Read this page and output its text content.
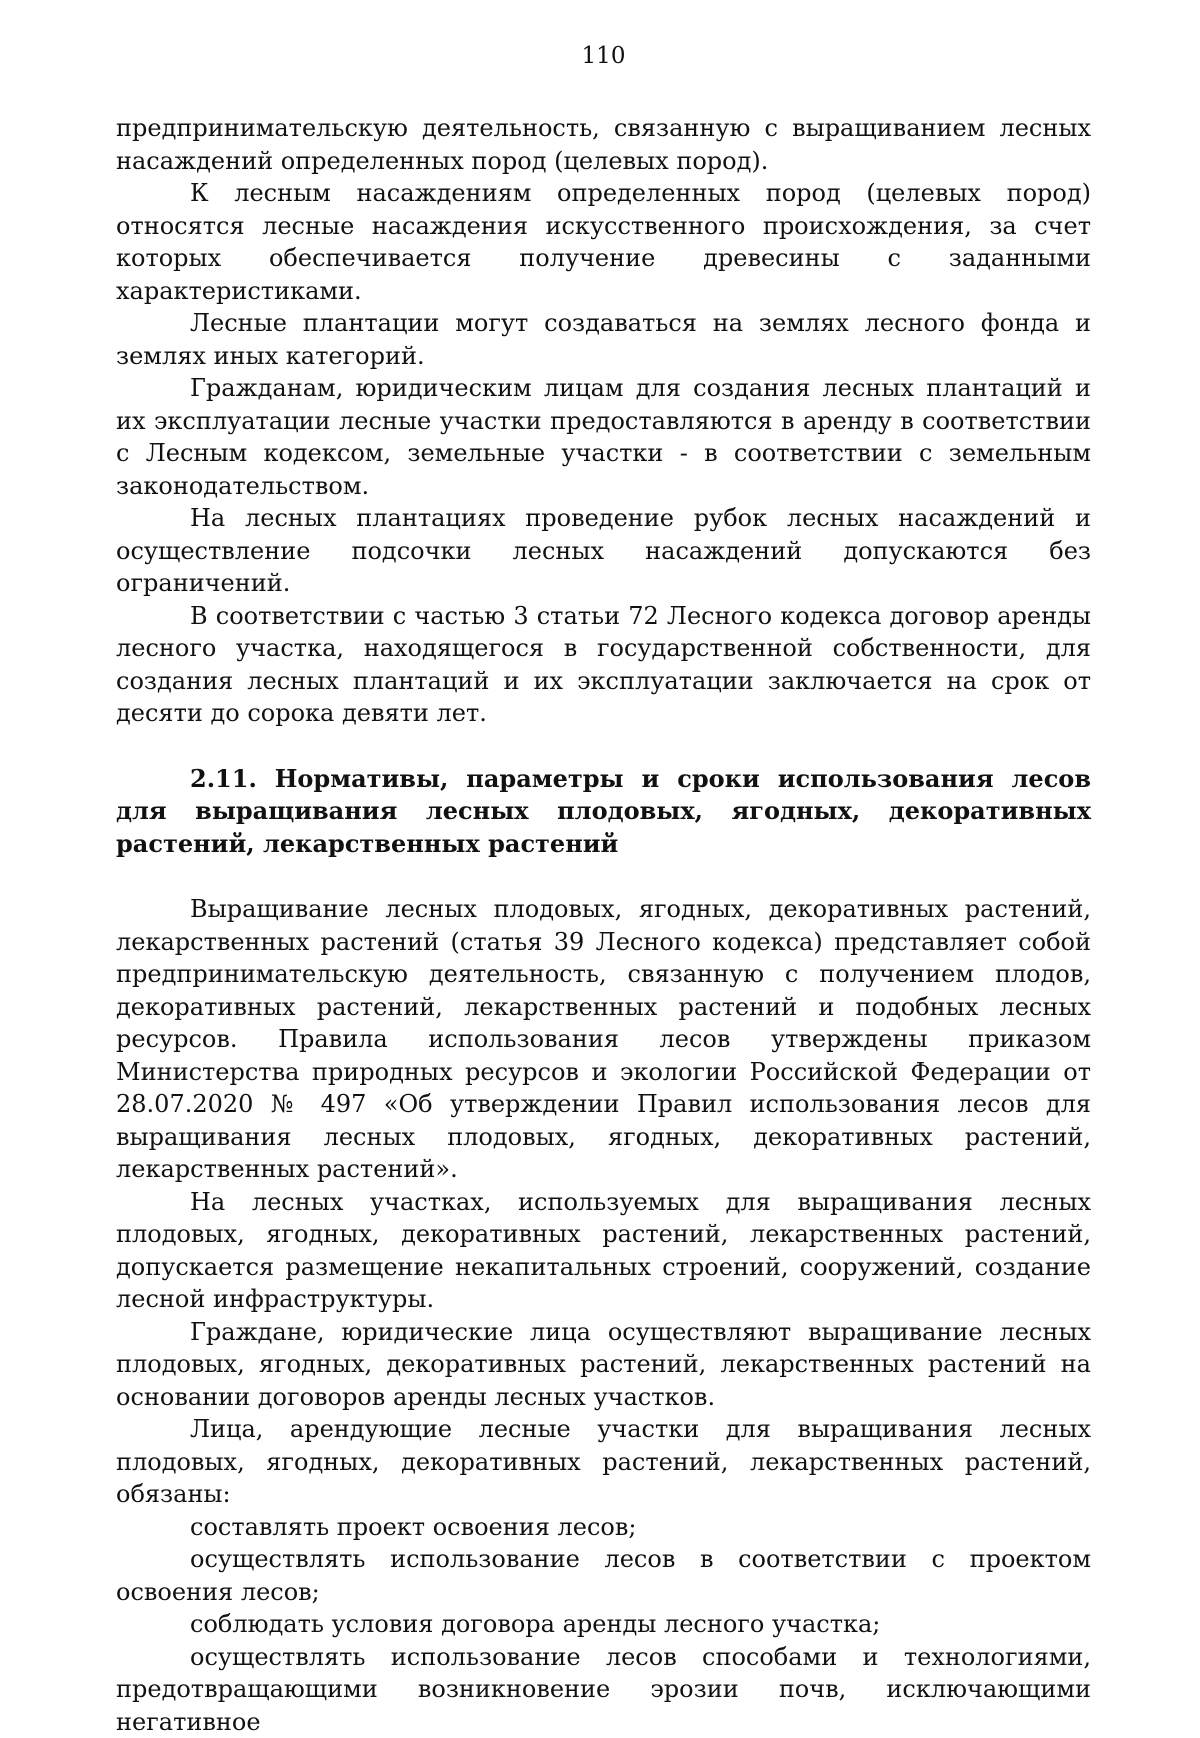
110

предпринимательскую деятельность, связанную с выращиванием лесных насаждений определенных пород (целевых пород).

К лесным насаждениям определенных пород (целевых пород) относятся лесные насаждения искусственного происхождения, за счет которых обеспечивается получение древесины с заданными характеристиками.

Лесные плантации могут создаваться на землях лесного фонда и землях иных категорий.

Гражданам, юридическим лицам для создания лесных плантаций и их эксплуатации лесные участки предоставляются в аренду в соответствии с Лесным кодексом, земельные участки - в соответствии с земельным законодательством.

На лесных плантациях проведение рубок лесных насаждений и осуществление подсочки лесных насаждений допускаются без ограничений.

В соответствии с частью 3 статьи 72 Лесного кодекса договор аренды лесного участка, находящегося в государственной собственности, для создания лесных плантаций и их эксплуатации заключается на срок от десяти до сорока девяти лет.

2.11. Нормативы, параметры и сроки использования лесов для выращивания лесных плодовых, ягодных, декоративных растений, лекарственных растений

Выращивание лесных плодовых, ягодных, декоративных растений, лекарственных растений (статья 39 Лесного кодекса) представляет собой предпринимательскую деятельность, связанную с получением плодов, декоративных растений, лекарственных растений и подобных лесных ресурсов. Правила использования лесов утверждены приказом Министерства природных ресурсов и экологии Российской Федерации от 28.07.2020 № 497 «Об утверждении Правил использования лесов для выращивания лесных плодовых, ягодных, декоративных растений, лекарственных растений».

На лесных участках, используемых для выращивания лесных плодовых, ягодных, декоративных растений, лекарственных растений, допускается размещение некапитальных строений, сооружений, создание лесной инфраструктуры.

Граждане, юридические лица осуществляют выращивание лесных плодовых, ягодных, декоративных растений, лекарственных растений на основании договоров аренды лесных участков.

Лица, арендующие лесные участки для выращивания лесных плодовых, ягодных, декоративных растений, лекарственных растений, обязаны:

составлять проект освоения лесов;

осуществлять использование лесов в соответствии с проектом освоения лесов;

соблюдать условия договора аренды лесного участка;

осуществлять использование лесов способами и технологиями, предотвращающими возникновение эрозии почв, исключающими негативное
